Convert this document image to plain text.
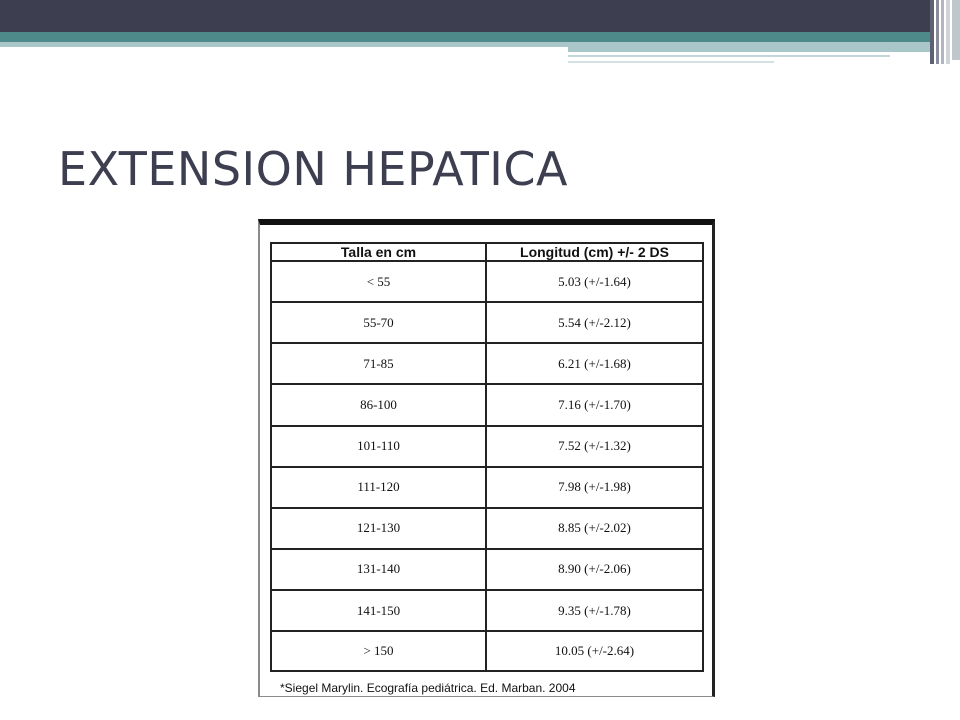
EXTENSION HEPATICA
Talla en cm	Longitud (cm) +/- 2 DS
< 55	5.03 (+/-1.64)
55-70	5.54 (+/-2.12)
71-85	6.21 (+/-1.68)
86-100	7.16 (+/-1.70)
101-110	7.52 (+/-1.32)
111-120	7.98 (+/-1.98)
121-130	8.85 (+/-2.02)
131-140	8.90 (+/-2.06)
141-150	9.35 (+/-1.78)
> 150	10.05 (+/-2.64)
*Siegel Marylin. Ecografía pediátrica. Ed. Marban. 2004
